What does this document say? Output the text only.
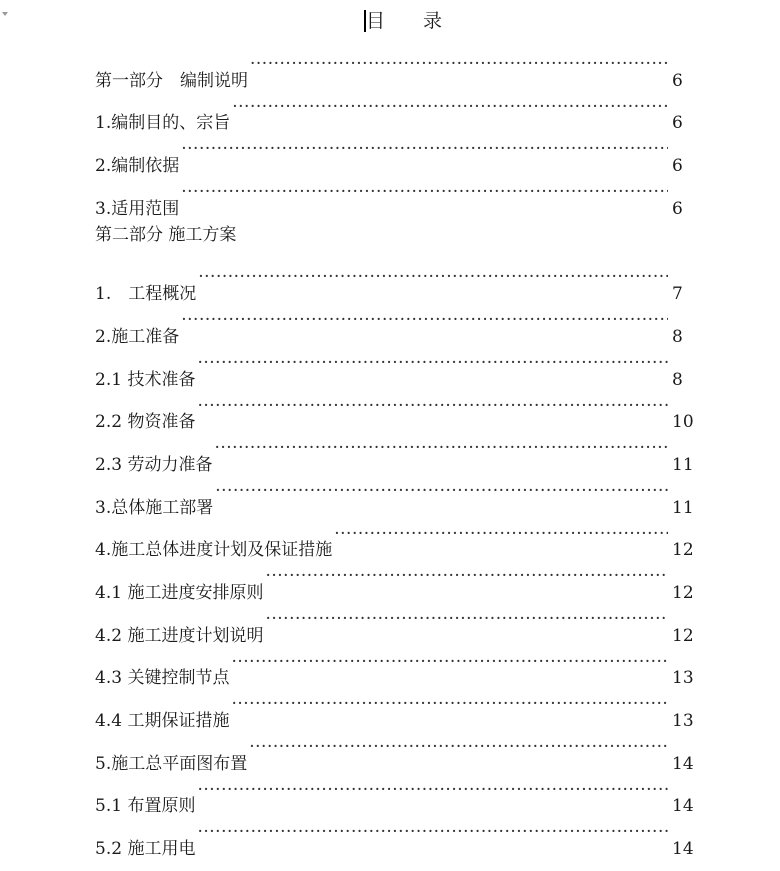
目　　录
第一部分　编制说明 ·····	6
1.编制目的、宗旨 ·····	6
2.编制依据 ·····	6
3.适用范围 ·····	6
第二部分 施工方案
1.　工程概况 ·····	7
2.施工准备 ·····	8
2.1 技术准备 ·····	8
2.2 物资准备 ·····	10
2.3 劳动力准备 ·····	11
3.总体施工部署 ·····	11
4.施工总体进度计划及保证措施 ·····	12
4.1 施工进度安排原则 ·····	12
4.2 施工进度计划说明 ·····	12
4.3 关键控制节点 ·····	13
4.4 工期保证措施 ·····	13
5.施工总平面图布置 ·····	14
5.1 布置原则 ·····	14
5.2 施工用电 ·····	14
